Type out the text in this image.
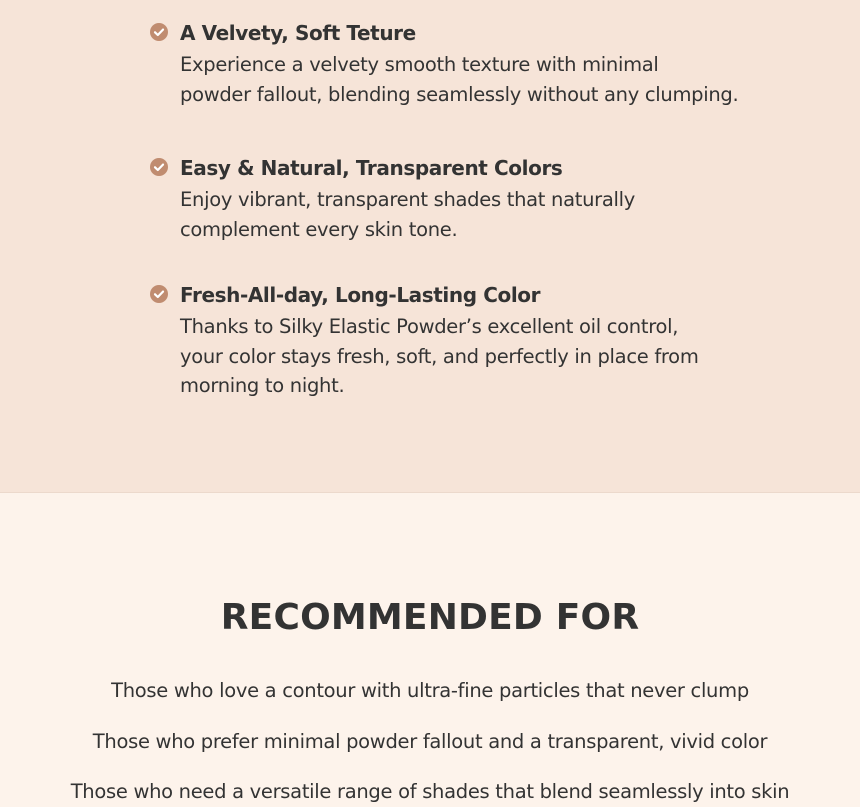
A Velvety, Soft Teture
Experience a velvety smooth texture with minimal
powder fallout, blending seamlessly without any clumping.
Easy & Natural, Transparent Colors
Enjoy vibrant, transparent shades that naturally
complement every skin tone.
Fresh-All-day, Long-Lasting Color
Thanks to Silky Elastic Powder’s excellent oil control,
your color stays fresh, soft, and perfectly in place from
morning to night.
RECOMMENDED FOR
Those who love a contour with ultra-fine particles that never clump
Those who prefer minimal powder fallout and a transparent, vivid color
Those who need a versatile range of shades that blend seamlessly into skin
